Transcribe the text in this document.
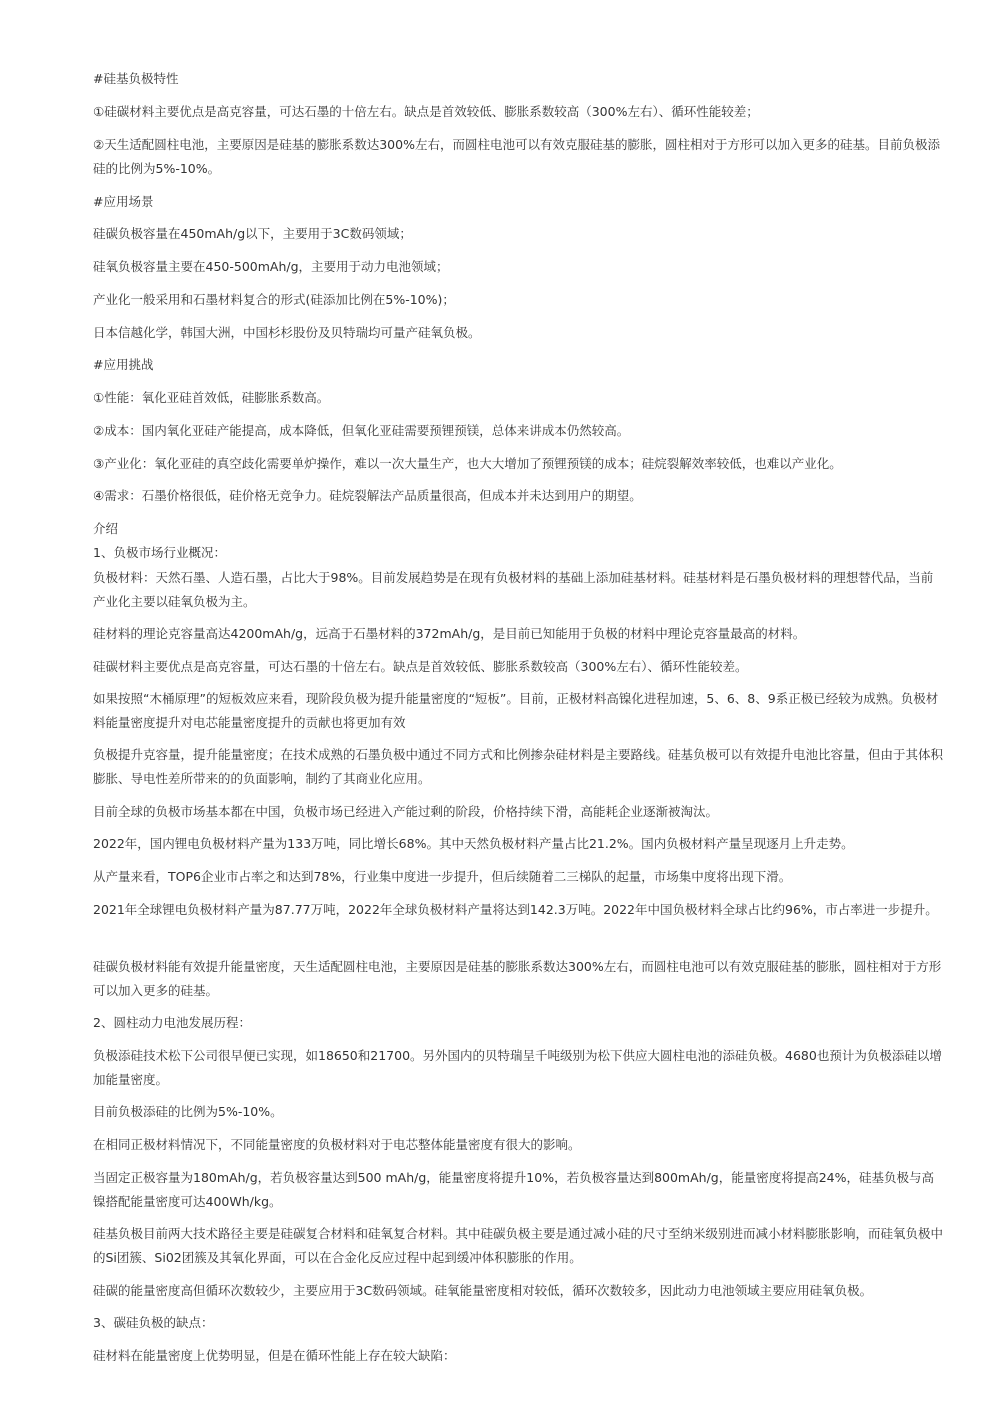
#硅基负极特性

①硅碳材料主要优点是高克容量，可达石墨的十倍左右。缺点是首效较低、膨胀系数较高（300%左右）、循环性能较差；

②天生适配圆柱电池，主要原因是硅基的膨胀系数达300%左右，而圆柱电池可以有效克服硅基的膨胀，圆柱相对于方形可以加入更多的硅基。目前负极添硅的比例为5%-10%。

#应用场景

硅碳负极容量在450mAh/g以下，主要用于3C数码领域；

硅氧负极容量主要在450-500mAh/g，主要用于动力电池领域；

产业化一般采用和石墨材料复合的形式(硅添加比例在5%-10%)；

日本信越化学，韩国大洲，中国杉杉股份及贝特瑞均可量产硅氧负极。

#应用挑战

①性能：氧化亚硅首效低，硅膨胀系数高。

②成本：国内氧化亚硅产能提高，成本降低，但氧化亚硅需要预锂预镁，总体来讲成本仍然较高。

③产业化：氧化亚硅的真空歧化需要单炉操作，难以一次大量生产，也大大增加了预锂预镁的成本；硅烷裂解效率较低，也难以产业化。

④需求：石墨价格很低，硅价格无竞争力。硅烷裂解法产品质量很高，但成本并未达到用户的期望。

介绍

1、负极市场行业概况：

负极材料：天然石墨、人造石墨，占比大于98%。目前发展趋势是在现有负极材料的基础上添加硅基材料。硅基材料是石墨负极材料的理想替代品，当前产业化主要以硅氧负极为主。

硅材料的理论克容量高达4200mAh/g，远高于石墨材料的372mAh/g，是目前已知能用于负极的材料中理论克容量最高的材料。

硅碳材料主要优点是高克容量，可达石墨的十倍左右。缺点是首效较低、膨胀系数较高（300%左右）、循环性能较差。

如果按照“木桶原理”的短板效应来看，现阶段负极为提升能量密度的“短板”。目前，正极材料高镍化进程加速，5、6、8、9系正极已经较为成熟。负极材料能量密度提升对电芯能量密度提升的贡献也将更加有效

负极提升克容量，提升能量密度；在技术成熟的石墨负极中通过不同方式和比例掺杂硅材料是主要路线。硅基负极可以有效提升电池比容量，但由于其体积膨胀、导电性差所带来的的负面影响，制约了其商业化应用。

目前全球的负极市场基本都在中国，负极市场已经进入产能过剩的阶段，价格持续下滑，高能耗企业逐渐被淘汰。

2022年，国内锂电负极材料产量为133万吨，同比增长68%。其中天然负极材料产量占比21.2%。国内负极材料产量呈现逐月上升走势。

从产量来看，TOP6企业市占率之和达到78%，行业集中度进一步提升，但后续随着二三梯队的起量，市场集中度将出现下滑。

2021年全球锂电负极材料产量为87.77万吨，2022年全球负极材料产量将达到142.3万吨。2022年中国负极材料全球占比约96%，市占率进一步提升。

硅碳负极材料能有效提升能量密度，天生适配圆柱电池，主要原因是硅基的膨胀系数达300%左右，而圆柱电池可以有效克服硅基的膨胀，圆柱相对于方形可以加入更多的硅基。

2、圆柱动力电池发展历程：

负极添硅技术松下公司很早便已实现，如18650和21700。另外国内的贝特瑞呈千吨级别为松下供应大圆柱电池的添硅负极。4680也预计为负极添硅以增加能量密度。

目前负极添硅的比例为5%-10%。

在相同正极材料情况下，不同能量密度的负极材料对于电芯整体能量密度有很大的影响。

当固定正极容量为180mAh/g，若负极容量达到500 mAh/g，能量密度将提升10%，若负极容量达到800mAh/g，能量密度将提高24%，硅基负极与高镍搭配能量密度可达400Wh/kg。

硅基负极目前两大技术路径主要是硅碳复合材料和硅氧复合材料。其中硅碳负极主要是通过减小硅的尺寸至纳米级别进而减小材料膨胀影响，而硅氧负极中的Si团簇、Si02团簇及其氧化界面，可以在合金化反应过程中起到缓冲体积膨胀的作用。

硅碳的能量密度高但循环次数较少，主要应用于3C数码领域。硅氧能量密度相对较低，循环次数较多，因此动力电池领域主要应用硅氧负极。

3、碳硅负极的缺点：

硅材料在能量密度上优势明显，但是在循环性能上存在较大缺陷：
